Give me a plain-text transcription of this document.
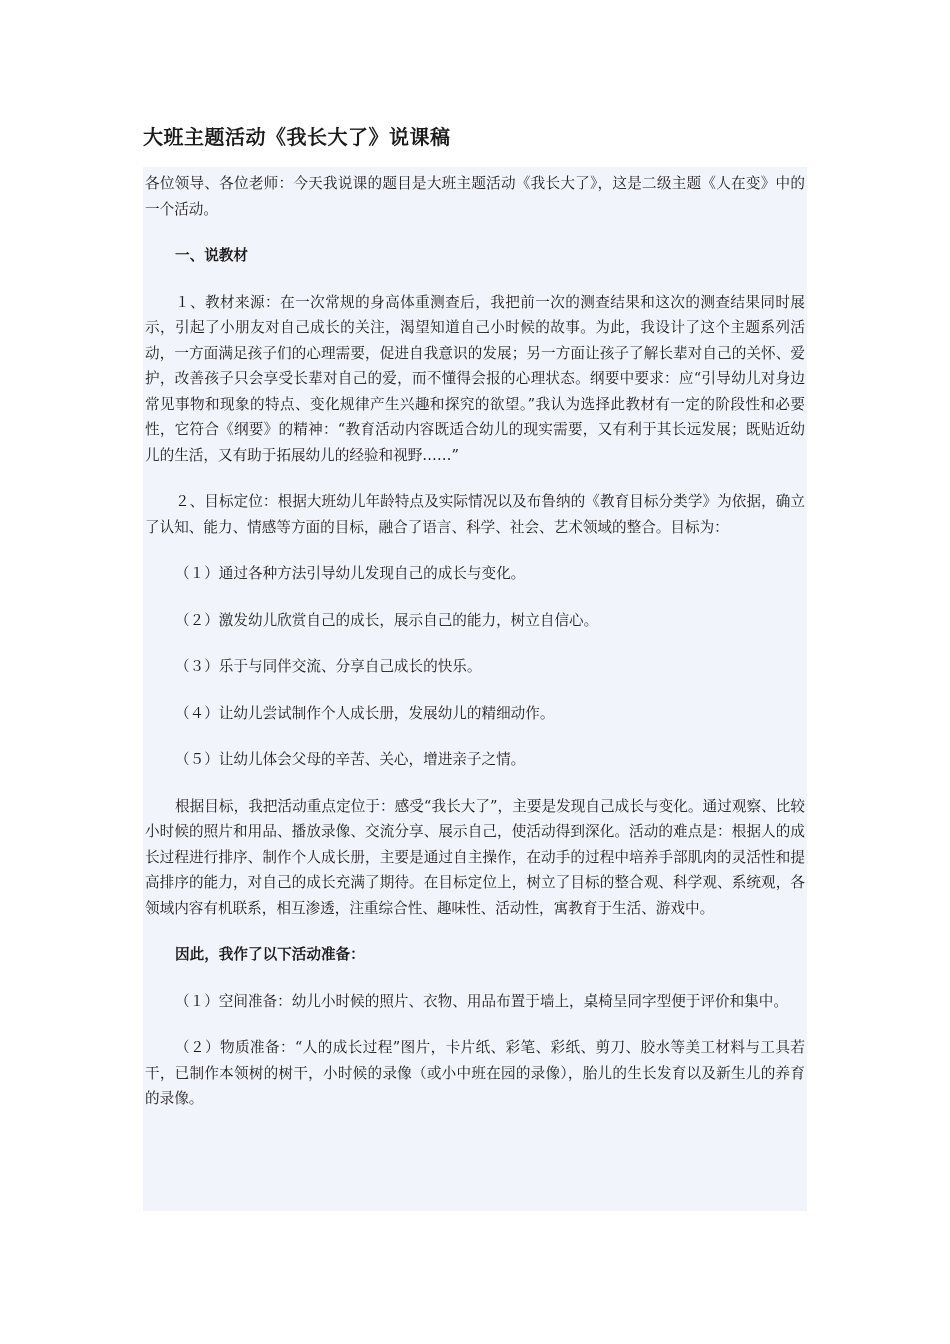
大班主题活动《我长大了》说课稿

各位领导、各位老师：今天我说课的题目是大班主题活动《我长大了》，这是二级主题《人在变》中的一个活动。

一、说教材

１、教材来源：在一次常规的身高体重测查后，我把前一次的测查结果和这次的测查结果同时展示，引起了小朋友对自己成长的关注，渴望知道自己小时候的故事。为此，我设计了这个主题系列活动，一方面满足孩子们的心理需要，促进自我意识的发展；另一方面让孩子了解长辈对自己的关怀、爱护，改善孩子只会享受长辈对自己的爱，而不懂得会报的心理状态。纲要中要求：应“引导幼儿对身边常见事物和现象的特点、变化规律产生兴趣和探究的欲望。”我认为选择此教材有一定的阶段性和必要性，它符合《纲要》的精神：“教育活动内容既适合幼儿的现实需要，又有利于其长远发展；既贴近幼儿的生活，又有助于拓展幼儿的经验和视野……”

２、目标定位：根据大班幼儿年龄特点及实际情况以及布鲁纳的《教育目标分类学》为依据，确立了认知、能力、情感等方面的目标，融合了语言、科学、社会、艺术领域的整合。目标为：

（１）通过各种方法引导幼儿发现自己的成长与变化。

（２）激发幼儿欣赏自己的成长，展示自己的能力，树立自信心。

（３）乐于与同伴交流、分享自己成长的快乐。

（４）让幼儿尝试制作个人成长册，发展幼儿的精细动作。

（５）让幼儿体会父母的辛苦、关心，增进亲子之情。

根据目标，我把活动重点定位于：感受“我长大了”，主要是发现自己成长与变化。通过观察、比较小时候的照片和用品、播放录像、交流分享、展示自己，使活动得到深化。活动的难点是：根据人的成长过程进行排序、制作个人成长册，主要是通过自主操作，在动手的过程中培养手部肌肉的灵活性和提高排序的能力，对自己的成长充满了期待。在目标定位上，树立了目标的整合观、科学观、系统观，各领域内容有机联系，相互渗透，注重综合性、趣味性、活动性，寓教育于生活、游戏中。

因此，我作了以下活动准备：

（１）空间准备：幼儿小时候的照片、衣物、用品布置于墙上，桌椅呈同字型便于评价和集中。

（２）物质准备：“人的成长过程”图片，卡片纸、彩笔、彩纸、剪刀、胶水等美工材料与工具若干，已制作本领树的树干，小时候的录像（或小中班在园的录像），胎儿的生长发育以及新生儿的养育的录像。
